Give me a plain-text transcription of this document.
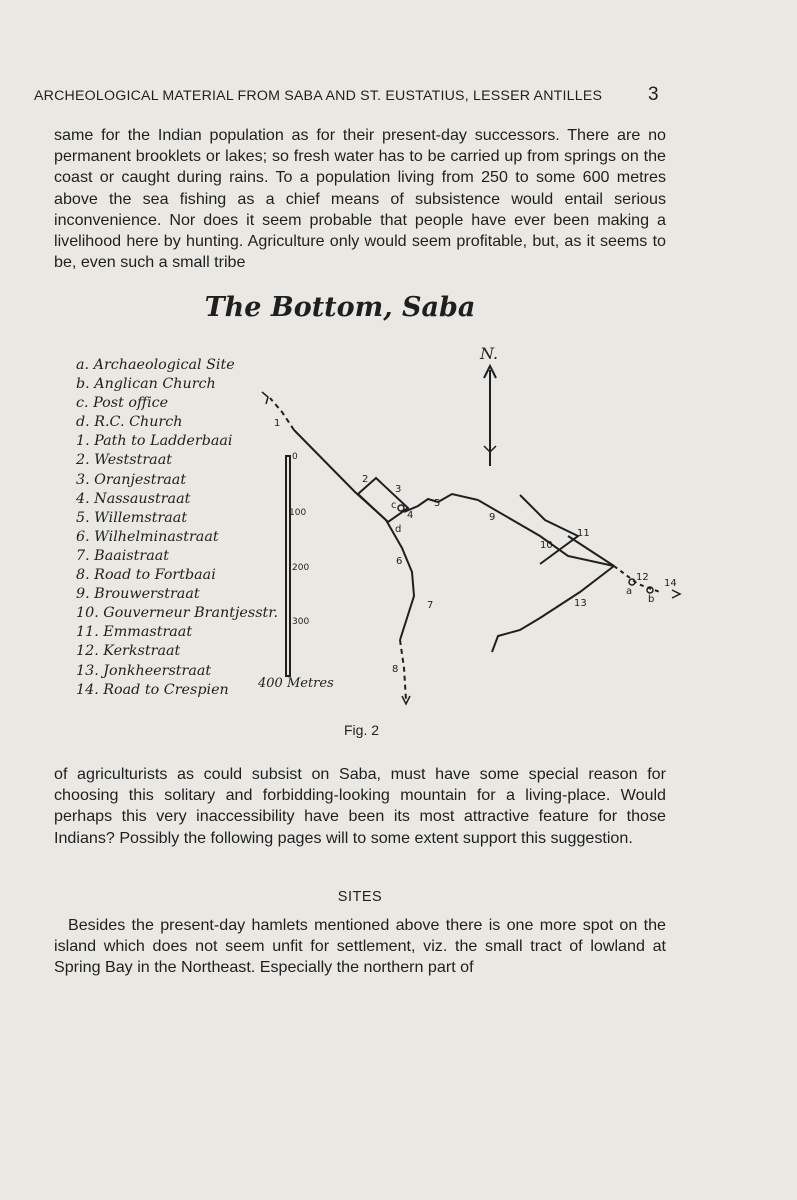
ARCHEOLOGICAL MATERIAL FROM SABA AND ST. EUSTATIUS, LESSER ANTILLES	3

same for the Indian population as for their present-day successors. There are no permanent brooklets or lakes; so fresh water has to be carried up from springs on the coast or caught during rains. To a population living from 250 to some 600 metres above the sea fishing as a chief means of subsistence would entail serious inconvenience. Nor does it seem probable that people have ever been making a livelihood here by hunting. Agriculture only would seem profitable, but, as it seems to be, even such a small tribe

The Bottom, Saba
a. Archaeological Site
b. Anglican Church
c. Post office
d. R.C. Church
1. Path to Ladderbaai
2. Weststraat
3. Oranjestraat
4. Nassaustraat
5. Willemstraat
6. Wilhelminastraat
7. Baaistraat
8. Road to Fortbaai
9. Brouwerstraat
10. Gouverneur Brantjesstr.
11. Emmastraat
12. Kerkstraat
13. Jonkheerstraat
14. Road to Crespien
0
100
200
300
400 Metres
N.
1
2
3
c
4
d
5
6
7
8
9
10
11
12
a
b
14
13
Fig. 2

of agriculturists as could subsist on Saba, must have some special reason for choosing this solitary and forbidding-looking mountain for a living-place. Would perhaps this very inaccessibility have been its most attractive feature for those Indians? Possibly the following pages will to some extent support this suggestion.

SITES

Besides the present-day hamlets mentioned above there is one more spot on the island which does not seem unfit for settlement, viz. the small tract of lowland at Spring Bay in the Northeast. Especially the northern part of
